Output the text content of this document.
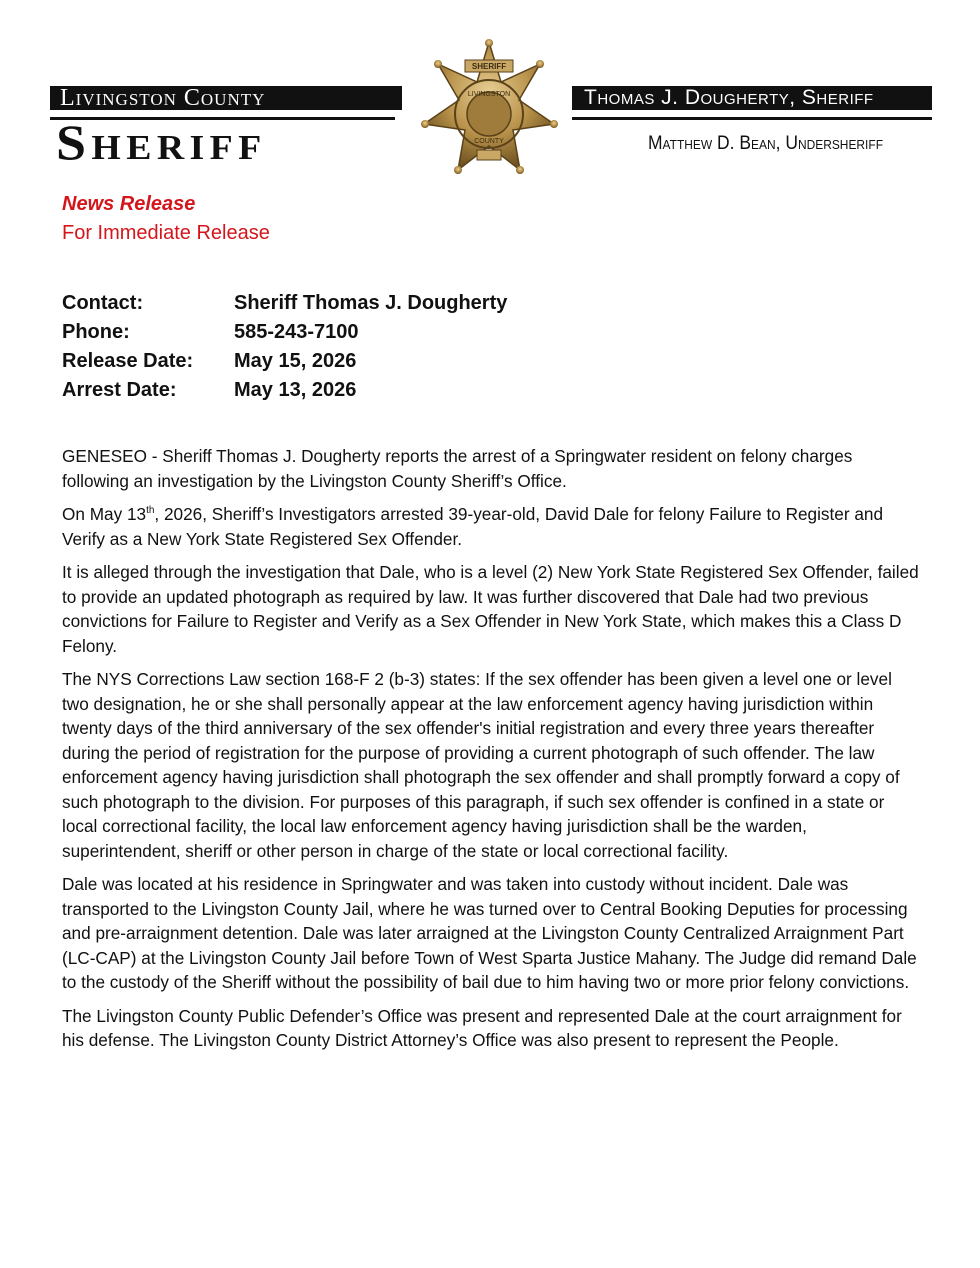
Livingston County
Sheriff
Thomas J. Dougherty, Sheriff
Matthew D. Bean, Undersheriff
SHERIFF
LIVINGSTON
COUNTY
News Release
For Immediate Release
Contact:	Sheriff Thomas J. Dougherty
Phone:	585-243-7100
Release Date:	May 15, 2026
Arrest Date:	May 13, 2026

GENESEO - Sheriff Thomas J. Dougherty reports the arrest of a Springwater resident on felony charges following an investigation by the Livingston County Sheriff’s Office.

On May 13th, 2026, Sheriff’s Investigators arrested 39-year-old, David Dale for felony Failure to Register and Verify as a New York State Registered Sex Offender.

It is alleged through the investigation that Dale, who is a level (2) New York State Registered Sex Offender, failed to provide an updated photograph as required by law. It was further discovered that Dale had two previous convictions for Failure to Register and Verify as a Sex Offender in New York State, which makes this a Class D Felony.

The NYS Corrections Law section 168-F 2 (b-3) states: If the sex offender has been given a level one or level two designation, he or she shall personally appear at the law enforcement agency having jurisdiction within twenty days of the third anniversary of the sex offender's initial registration and every three years thereafter during the period of registration for the purpose of providing a current photograph of such offender. The law enforcement agency having jurisdiction shall photograph the sex offender and shall promptly forward a copy of such photograph to the division. For purposes of this paragraph, if such sex offender is confined in a state or local correctional facility, the local law enforcement agency having jurisdiction shall be the warden, superintendent, sheriff or other person in charge of the state or local correctional facility.

Dale was located at his residence in Springwater and was taken into custody without incident. Dale was transported to the Livingston County Jail, where he was turned over to Central Booking Deputies for processing and pre-arraignment detention. Dale was later arraigned at the Livingston County Centralized Arraignment Part (LC-CAP) at the Livingston County Jail before Town of West Sparta Justice Mahany. The Judge did remand Dale to the custody of the Sheriff without the possibility of bail due to him having two or more prior felony convictions.

The Livingston County Public Defender’s Office was present and represented Dale at the court arraignment for his defense. The Livingston County District Attorney’s Office was also present to represent the People.
